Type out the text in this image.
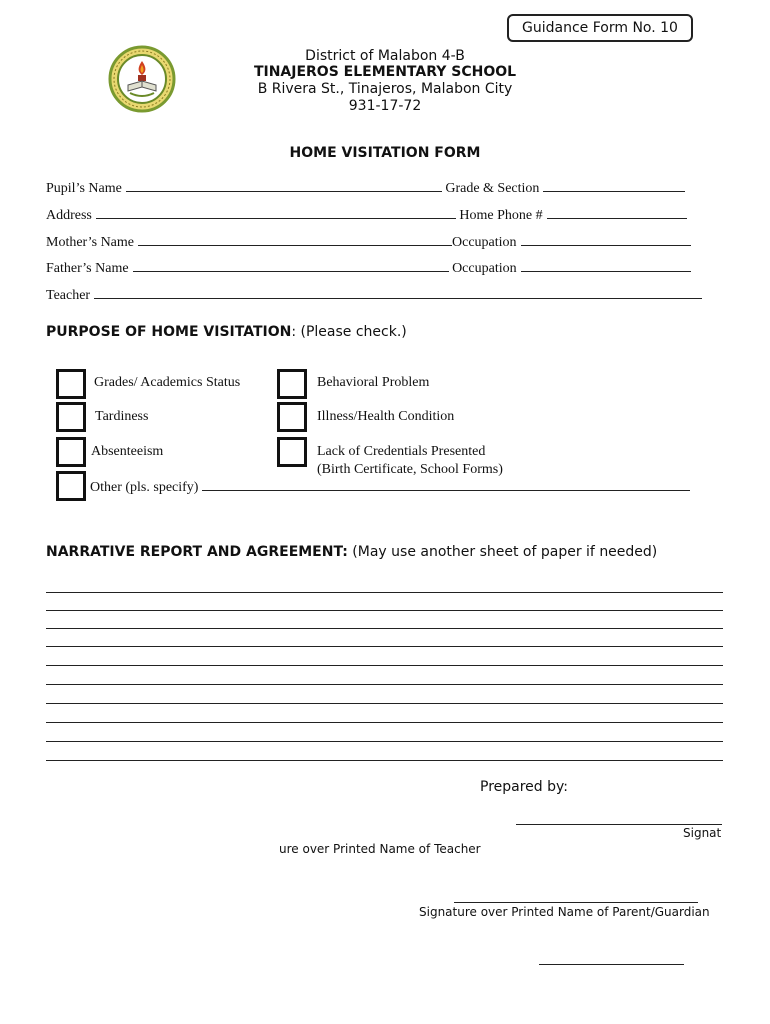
Guidance Form No. 10
District of Malabon 4-B
TINAJEROS ELEMENTARY SCHOOL
B Rivera St., Tinajeros, Malabon City
931-17-72
HOME VISITATION FORM
Pupil’s Name	Grade & Section
Address	Home Phone #
Mother’s Name	Occupation
Father’s Name	Occupation
Teacher
PURPOSE OF HOME VISITATION: (Please check.)
Grades/ Academics Status
Tardiness
Absenteeism
Other (pls. specify)
Behavioral Problem
Illness/Health Condition
Lack of Credentials Presented
(Birth Certificate, School Forms)
NARRATIVE REPORT AND AGREEMENT: (May use another sheet of paper if needed)
Prepared by:
Signat
ure over Printed Name of Teacher
Signature over Printed Name of Parent/Guardian
